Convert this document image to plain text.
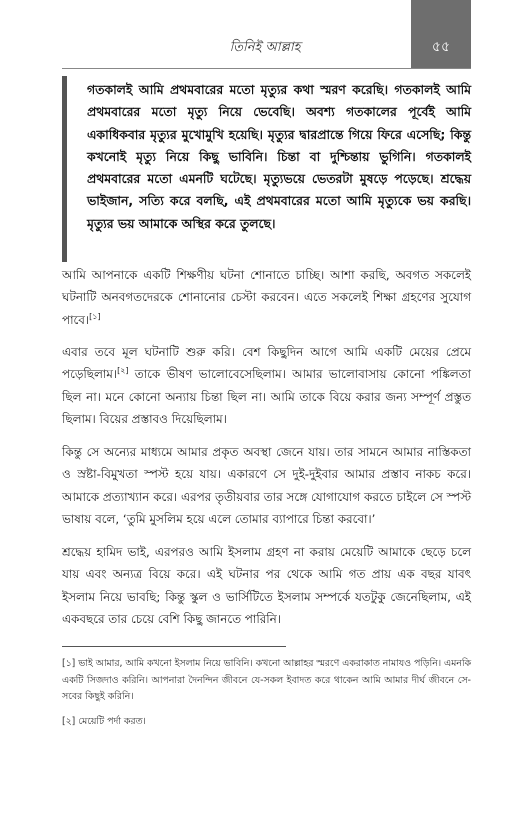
তিনিই আল্লাহ	৫৫
গতকালই আমি প্রথমবারের মতো মৃত্যুর কথা স্মরণ করেছি। গতকালই আমি প্রথমবারের মতো মৃত্যু নিয়ে ভেবেছি। অবশ্য গতকালের পূর্বেই আমি একাধিকবার মৃত্যুর মুখোমুখি হয়েছি। মৃত্যুর দ্বারপ্রান্তে গিয়ে ফিরে এসেছি; কিন্তু কখনোই মৃত্যু নিয়ে কিছু ভাবিনি। চিন্তা বা দুশ্চিন্তায় ভুগিনি। গতকালই প্রথমবারের মতো এমনটি ঘটেছে। মৃত্যুভয়ে ভেতরটা মুষড়ে পড়েছে। শ্রদ্ধেয় ভাইজান, সত্যি করে বলছি, এই প্রথমবারের মতো আমি মৃত্যুকে ভয় করছি। মৃত্যুর ভয় আমাকে অস্থির করে তুলছে।
আমি আপনাকে একটি শিক্ষণীয় ঘটনা শোনাতে চাচ্ছি। আশা করছি, অবগত সকলেই ঘটনাটি অনবগতদেরকে শোনানোর চেস্টা করবেন। এতে সকলেই শিক্ষা গ্রহণের সুযোগ পাবে।[১]
এবার তবে মূল ঘটনাটি শুরু করি। বেশ কিছুদিন আগে আমি একটি মেয়ের প্রেমে পড়েছিলাম।[২] তাকে ভীষণ ভালোবেসেছিলাম। আমার ভালোবাসায় কোনো পঙ্কিলতা ছিল না। মনে কোনো অন্যায় চিন্তা ছিল না। আমি তাকে বিয়ে করার জন্য সম্পূর্ণ প্রস্তুত ছিলাম। বিয়ের প্রস্তাবও দিয়েছিলাম।
কিন্তু সে অন্যের মাধ্যমে আমার প্রকৃত অবস্থা জেনে যায়। তার সামনে আমার নাস্তিকতা ও স্রষ্টা-বিমুখতা স্পস্ট হয়ে যায়। একারণে সে দুই-দুইবার আমার প্রস্তাব নাকচ করে। আমাকে প্রত্যাখ্যান করে। এরপর তৃতীয়বার তার সঙ্গে যোগাযোগ করতে চাইলে সে স্পস্ট ভাষায় বলে, ‘তুমি মুসলিম হয়ে এলে তোমার ব্যাপারে চিন্তা করবো।’
শ্রদ্ধেয় হামিদ ভাই, এরপরও আমি ইসলাম গ্রহণ না করায় মেয়েটি আমাকে ছেড়ে চলে যায় এবং অন্যত্র বিয়ে করে। এই ঘটনার পর থেকে আমি গত প্রায় এক বছর যাবৎ ইসলাম নিয়ে ভাবছি; কিন্তু স্কুল ও ভার্সিটিতে ইসলাম সম্পর্কে যতটুকু জেনেছিলাম, এই একবছরে তার চেয়ে বেশি কিছু জানতে পারিনি।
[১] ভাই আমার, আমি কখনো ইসলাম নিয়ে ভাবিনি। কখনো আল্লাহর স্মরণে একরাকাত নামাযও পড়িনি। এমনকি একটি সিজদাও করিনি। আপনারা দৈনন্দিন জীবনে যে-সকল ইবাদত করে থাকেন আমি আমার দীর্ঘ জীবনে সে-সবের কিছুই করিনি।
[২] মেয়েটি পর্দা করত।
